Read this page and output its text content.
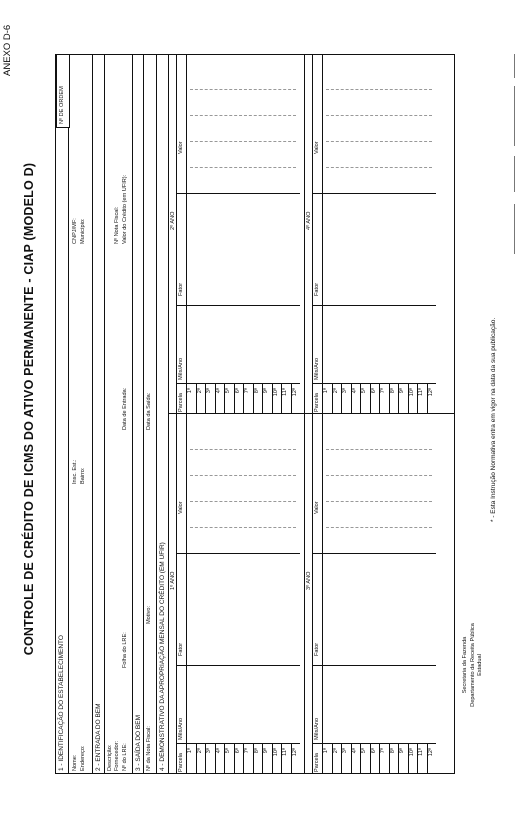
ANEXO D-6
CONTROLE DE CRÉDITO DE ICMS DO ATIVO PERMANENTE - CIAP (MODELO D)
Nº DE ORDEM
1 - IDENTIFICAÇÃO DO ESTABELECIMENTO Nome:
Insc. Est.:
CNPJ/MF:
Endereço:
Bairro:
Município:
2 - ENTRADA DO BEM Descrição: Fornecedor: Nº do LRE:
Folha do LRE:
Data de Entrada:
Nº Nota Fiscal: Valor do Crédito (em UFIR):
3 - SAÍDA DO BEM Nº da Nota Fiscal:
Motivo:
Data da Saída:
4 - DEMONSTRATIVO DA APROPRIAÇÃO MENSAL DO CRÉDITO (EM UFIR) 1º ANO
Parcela
Mês/Ano
Fator
Valor
2º ANO
Parcela
Mês/Ano
Fator
Valor
3º ANO
Parcela
Mês/Ano
Fator
Valor
4º ANO
Parcela
Mês/Ano
Fator
Valor
1ª 2ª 3ª 4ª 5ª 6ª 7ª 8ª 9ª 10ª 11ª 12ª
1ª 2ª 3ª 4ª 5ª 6ª 7ª 8ª 9ª 10ª 11ª 12ª
1ª 2ª 3ª 4ª 5ª 6ª 7ª 8ª 9ª 10ª 11ª 12ª
1ª 2ª 3ª 4ª 5ª 6ª 7ª 8ª 9ª 10ª 11ª 12ª
Secretaria da Fazenda Departamento da Receita Pública Estadual
* - Esta Instrução Normativa entra em vigor na data da sua publicação.
